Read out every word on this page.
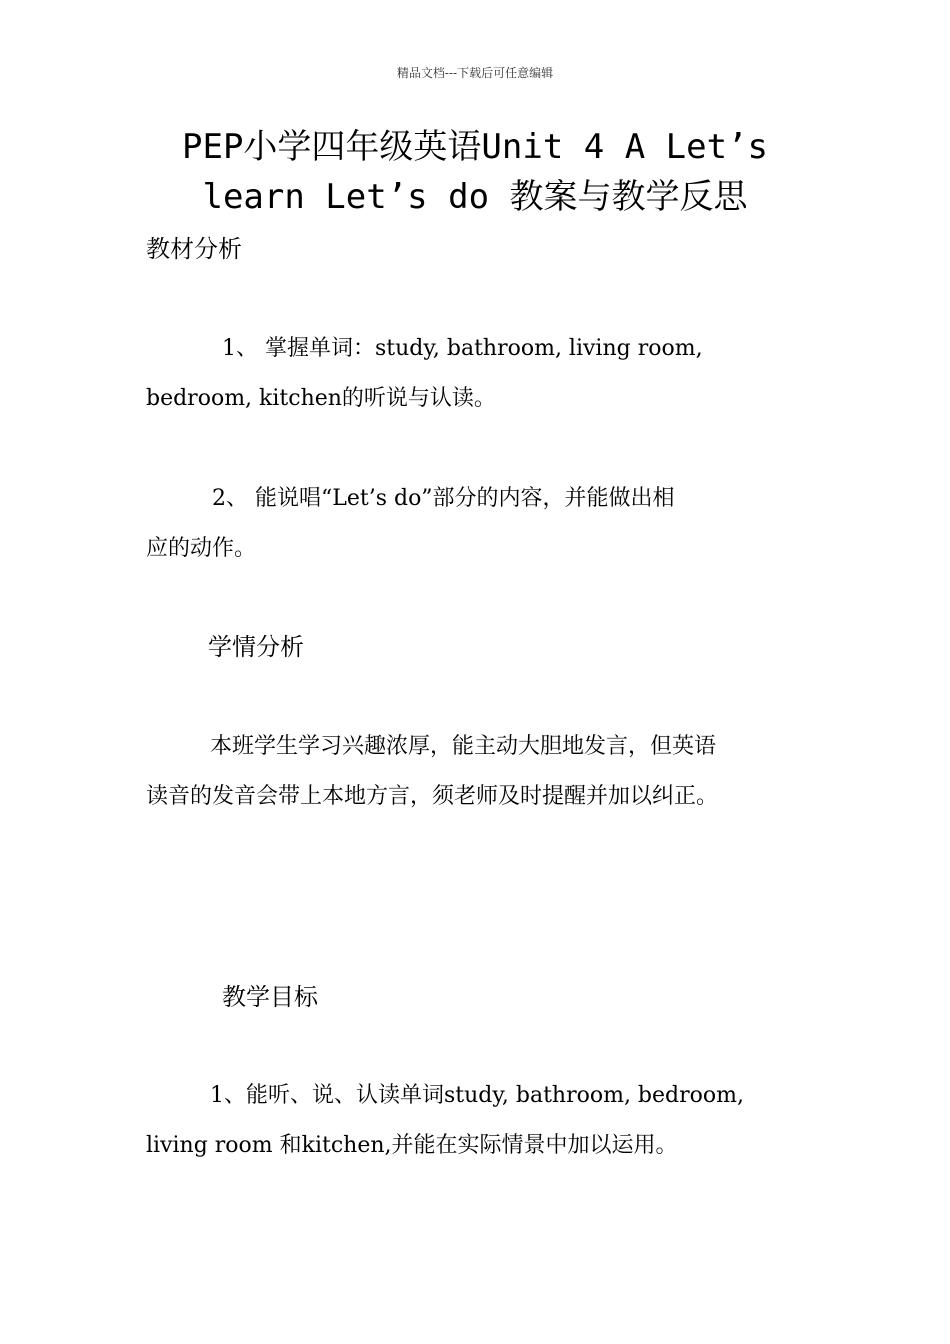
精品文档---下载后可任意编辑
PEP小学四年级英语Unit 4 A Let’s
learn Let’s do 教案与教学反思
教材分析
1、 掌握单词：study, bathroom, living room,
bedroom, kitchen的听说与认读。
2、 能说唱“Let’s do”部分的内容，并能做出相
应的动作。
学情分析
本班学生学习兴趣浓厚，能主动大胆地发言，但英语
读音的发音会带上本地方言，须老师及时提醒并加以纠正。
教学目标
1、能听、说、认读单词study, bathroom, bedroom,
living room 和kitchen,并能在实际情景中加以运用。
